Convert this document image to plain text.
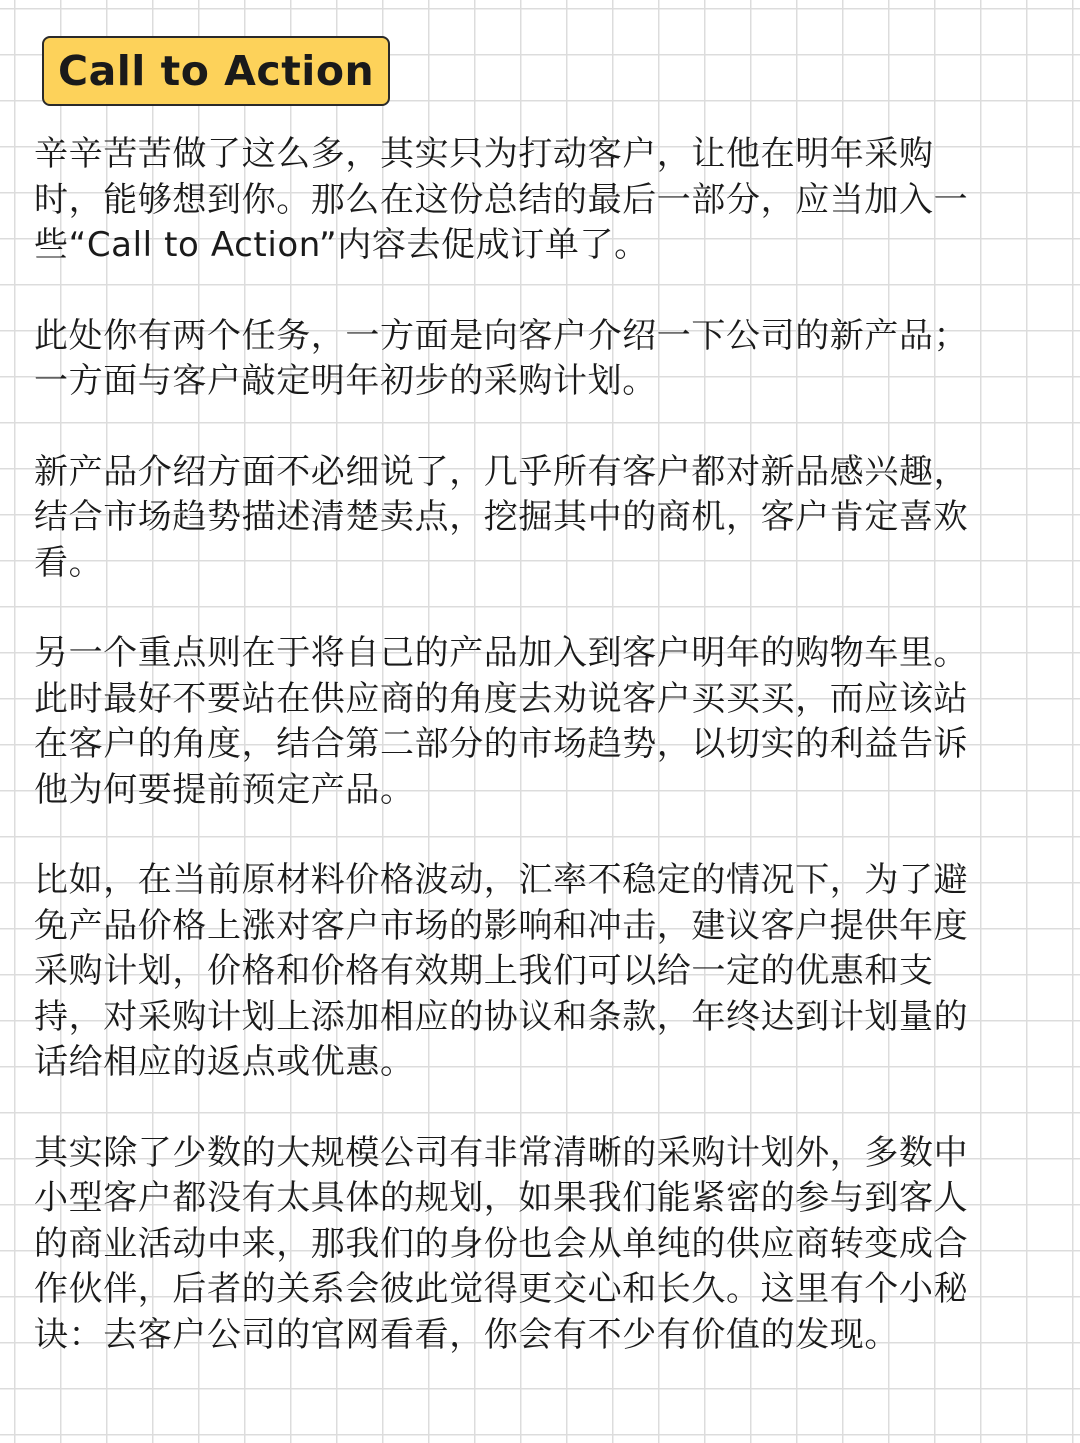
Call to Action

辛辛苦苦做了这么多，其实只为打动客户，让他在明年采购时，能够想到你。那么在这份总结的最后一部分，应当加入一些“Call to Action”内容去促成订单了。

此处你有两个任务，一方面是向客户介绍一下公司的新产品；一方面与客户敲定明年初步的采购计划。

新产品介绍方面不必细说了，几乎所有客户都对新品感兴趣，结合市场趋势描述清楚卖点，挖掘其中的商机，客户肯定喜欢看。

另一个重点则在于将自己的产品加入到客户明年的购物车里。此时最好不要站在供应商的角度去劝说客户买买买，而应该站在客户的角度，结合第二部分的市场趋势，以切实的利益告诉他为何要提前预定产品。

比如，在当前原材料价格波动，汇率不稳定的情况下，为了避免产品价格上涨对客户市场的影响和冲击，建议客户提供年度采购计划，价格和价格有效期上我们可以给一定的优惠和支持，对采购计划上添加相应的协议和条款，年终达到计划量的话给相应的返点或优惠。

其实除了少数的大规模公司有非常清晰的采购计划外，多数中小型客户都没有太具体的规划，如果我们能紧密的参与到客人的商业活动中来，那我们的身份也会从单纯的供应商转变成合作伙伴，后者的关系会彼此觉得更交心和长久。这里有个小秘诀：去客户公司的官网看看，你会有不少有价值的发现。
